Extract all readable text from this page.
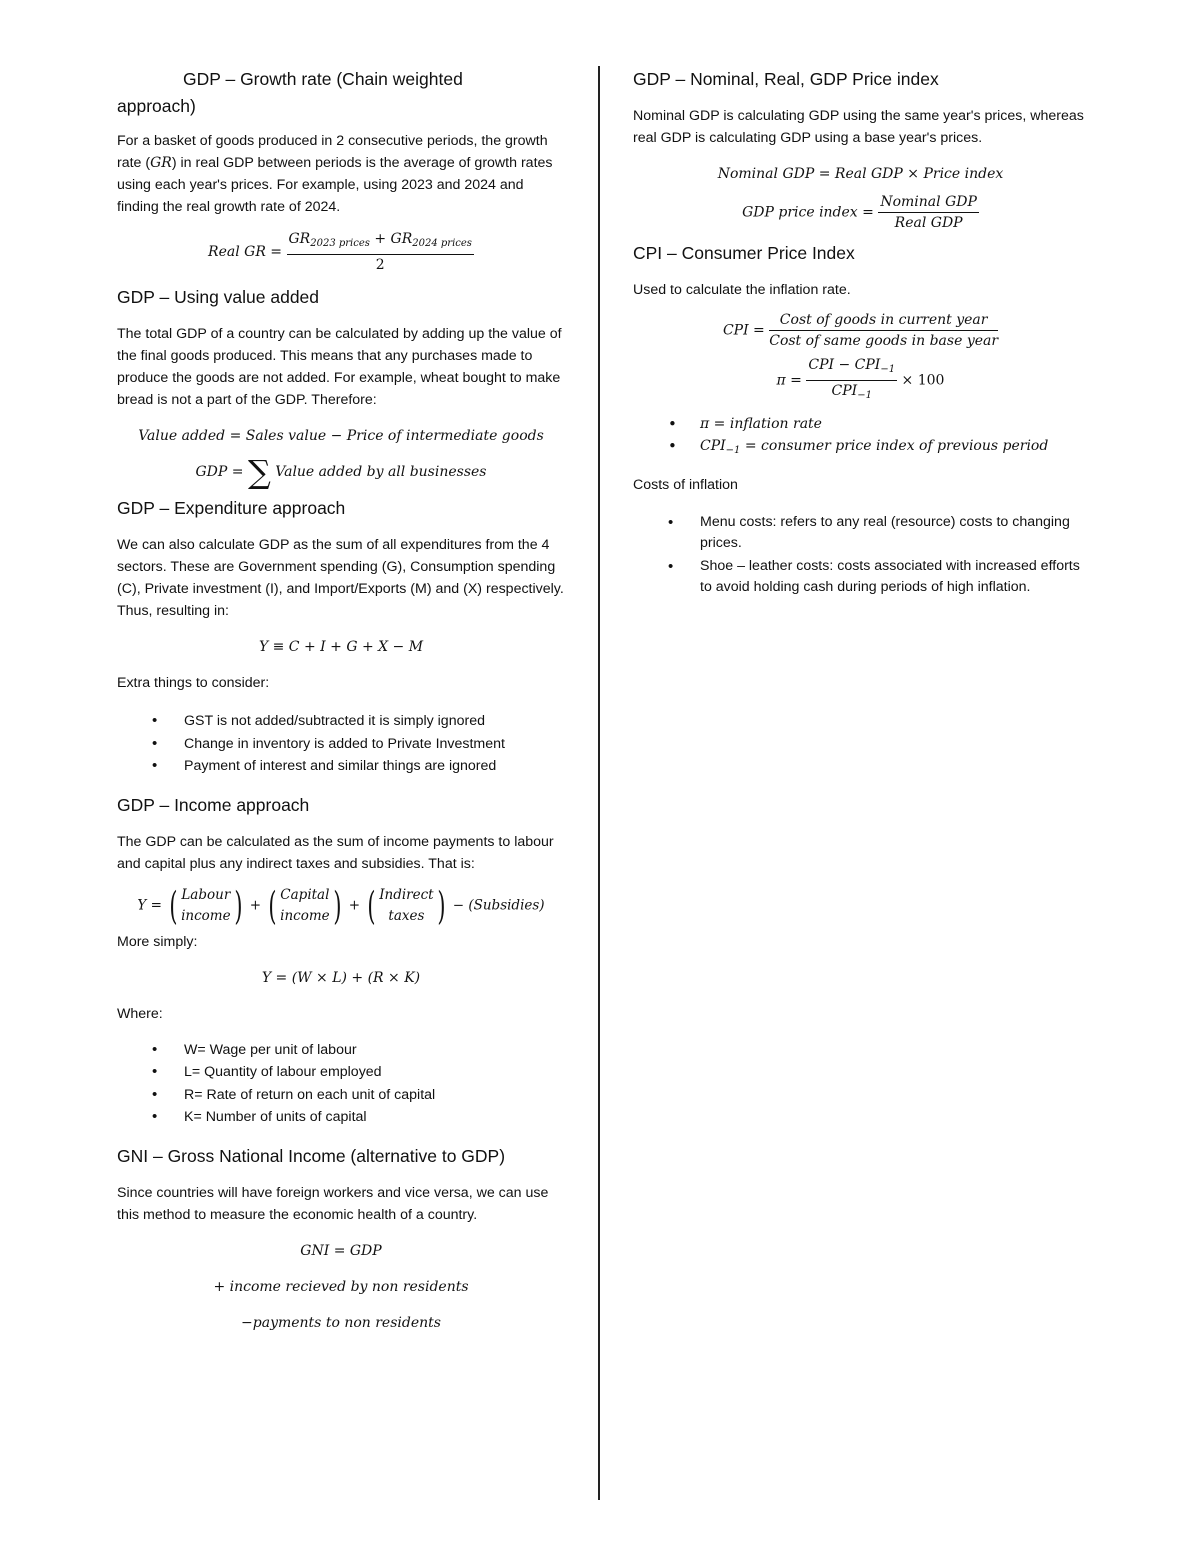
GDP – Growth rate (Chain weighted
approach)

For a basket of goods produced in 2 consecutive periods, the growth rate (GR) in real GDP between periods is the average of growth rates using each year's prices. For example, using 2023 and 2024 and finding the real growth rate of 2024.

Real GR = $\frac{GR_{2023 prices} + GR_{2024 prices}}{2}$
GDP – Using value added

The total GDP of a country can be calculated by adding up the value of the final goods produced. This means that any purchases made to produce the goods are not added. For example, wheat bought to make bread is not a part of the GDP. Therefore:

Value added = Sales value − Price of intermediate goods
GDP = ∑ Value added by all businesses
GDP – Expenditure approach

We can also calculate GDP as the sum of all expenditures from the 4 sectors. These are Government spending (G), Consumption spending (C), Private investment (I), and Import/Exports (M) and (X) respectively. Thus, resulting in:

Y ≡ C + I + G + X − M

Extra things to consider:

• GST is not added/subtracted it is simply ignored
• Change in inventory is added to Private Investment
• Payment of interest and similar things are ignored
GDP – Income approach

The GDP can be calculated as the sum of income payments to labour and capital plus any indirect taxes and subsidies. That is:

Y = ( Labour
income) + ( Capital
income) + ( Indirect
taxes ) − (Subsidies)

More simply:

Y = (W × L) + (R × K)

Where:

• W= Wage per unit of labour
• L= Quantity of labour employed
• R= Rate of return on each unit of capital
• K= Number of units of capital
GNI – Gross National Income (alternative to GDP)

Since countries will have foreign workers and vice versa, we can use this method to measure the economic health of a country.

GNI = GDP
+ income recieved by non residents
−payments to non residents
GDP – Nominal, Real, GDP Price index

Nominal GDP is calculating GDP using the same year's prices, whereas real GDP is calculating GDP using a base year's prices.

Nominal GDP = Real GDP × Price index
GDP price index = $\frac{\text{Nominal GDP}}{\text{Real GDP}}$
CPI – Consumer Price Index

Used to calculate the inflation rate.

CPI = $\frac{\text{Cost of goods in current year}}{\text{Cost of same goods in base year}}$
$\pi = \frac{CPI - CPI_{-1}}{CPI_{-1}} \times 100$
• π = inflation rate
• $CPI_{-1}$ = consumer price index of previous period

Costs of inflation

• Menu costs: refers to any real (resource) costs to changing prices.
• Shoe – leather costs: costs associated with increased efforts to avoid holding cash during periods of high inflation.
